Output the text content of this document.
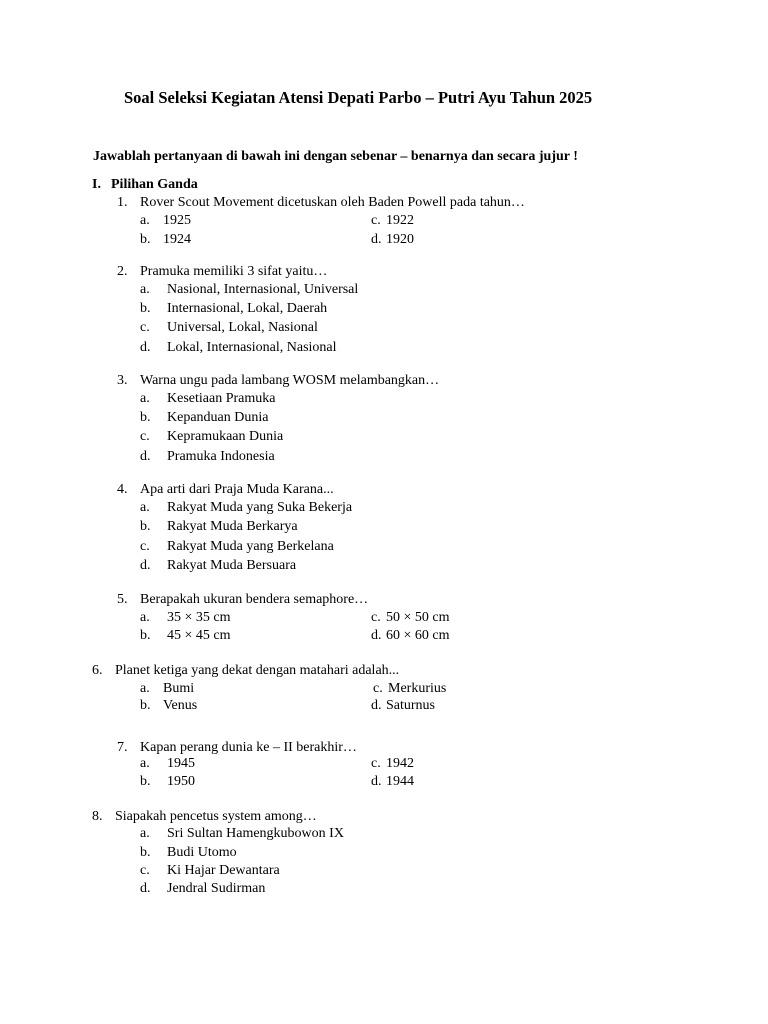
Soal Seleksi Kegiatan Atensi Depati Parbo – Putri Ayu Tahun 2025
Jawablah pertanyaan di bawah ini dengan sebenar – benarnya dan secara jujur !
I. Pilihan Ganda
1. Rover Scout Movement dicetuskan oleh Baden Powell pada tahun…
a. 1925	c. 1922
b. 1924	d. 1920
2. Pramuka memiliki 3 sifat yaitu…
a. Nasional, Internasional, Universal
b. Internasional, Lokal, Daerah
c. Universal, Lokal, Nasional
d. Lokal, Internasional, Nasional
3. Warna ungu pada lambang WOSM melambangkan…
a. Kesetiaan Pramuka
b. Kepanduan Dunia
c. Kepramukaan Dunia
d. Pramuka Indonesia
4. Apa arti dari Praja Muda Karana...
a. Rakyat Muda yang Suka Bekerja
b. Rakyat Muda Berkarya
c. Rakyat Muda yang Berkelana
d. Rakyat Muda Bersuara
5. Berapakah ukuran bendera semaphore…
a. 35 × 35 cm	c. 50 × 50 cm
b. 45 × 45 cm	d. 60 × 60 cm
6. Planet ketiga yang dekat dengan matahari adalah...
a. Bumi	c. Merkurius
b. Venus	d. Saturnus
7. Kapan perang dunia ke – II berakhir…
a. 1945	c. 1942
b. 1950	d. 1944
8. Siapakah pencetus system among…
a. Sri Sultan Hamengkubowon IX
b. Budi Utomo
c. Ki Hajar Dewantara
d. Jendral Sudirman
